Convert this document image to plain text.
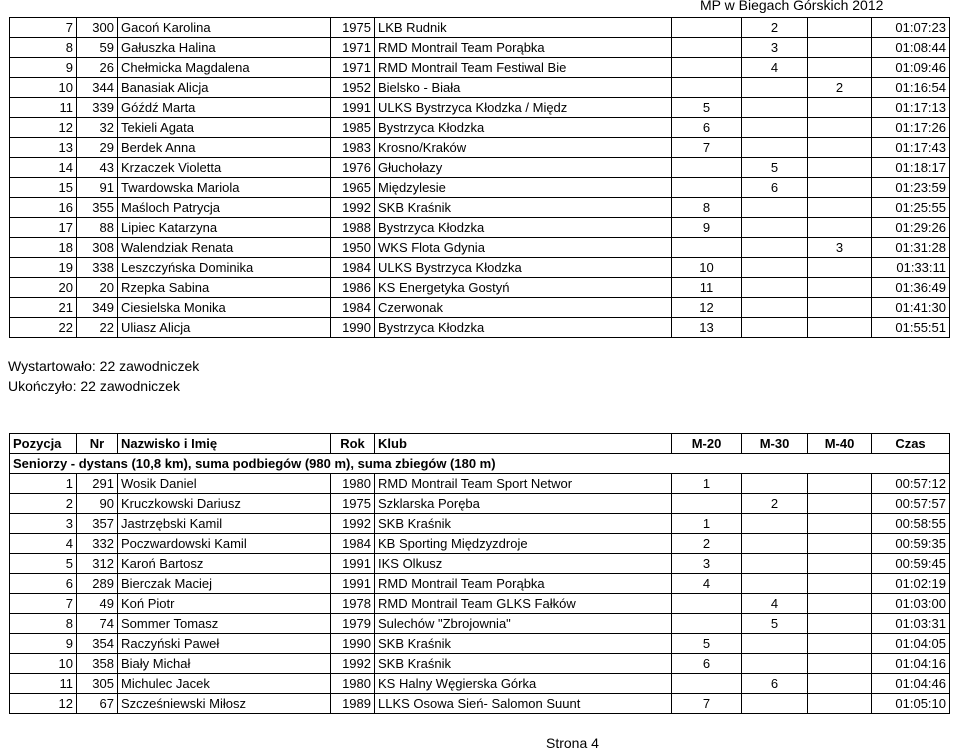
MP w Biegach Górskich 2012
7	300	Gacoń Karolina	1975	LKB Rudnik		2		01:07:23
8	59	Gałuszka Halina	1971	RMD Montrail Team Porąbka		3		01:08:44
9	26	Chełmicka Magdalena	1971	RMD Montrail Team Festiwal Bie		4		01:09:46
10	344	Banasiak Alicja	1952	Bielsko - Biała			2	01:16:54
11	339	Góźdź Marta	1991	ULKS Bystrzyca Kłodzka / Międz	5			01:17:13
12	32	Tekieli Agata	1985	Bystrzyca Kłodzka	6			01:17:26
13	29	Berdek Anna	1983	Krosno/Kraków	7			01:17:43
14	43	Krzaczek Violetta	1976	Głuchołazy		5		01:18:17
15	91	Twardowska Mariola	1965	Międzylesie		6		01:23:59
16	355	Maśloch Patrycja	1992	SKB Kraśnik	8			01:25:55
17	88	Lipiec Katarzyna	1988	Bystrzyca Kłodzka	9			01:29:26
18	308	Walendziak Renata	1950	WKS Flota Gdynia			3	01:31:28
19	338	Leszczyńska Dominika	1984	ULKS Bystrzyca Kłodzka	10			01:33:11
20	20	Rzepka Sabina	1986	KS Energetyka Gostyń	11			01:36:49
21	349	Ciesielska Monika	1984	Czerwonak	12			01:41:30
22	22	Uliasz Alicja	1990	Bystrzyca Kłodzka	13			01:55:51
Wystartowało: 22 zawodniczek
Ukończyło: 22 zawodniczek
Pozycja	Nr	Nazwisko i Imię	Rok	Klub	M-20	M-30	M-40	Czas
Seniorzy - dystans (10,8 km), suma podbiegów (980 m), suma zbiegów (180 m)								
1	291	Wosik Daniel	1980	RMD Montrail Team Sport Networ	1			00:57:12
2	90	Kruczkowski Dariusz	1975	Szklarska Poręba		2		00:57:57
3	357	Jastrzębski Kamil	1992	SKB Kraśnik	1			00:58:55
4	332	Poczwardowski Kamil	1984	KB Sporting Międzyzdroje	2			00:59:35
5	312	Karoń Bartosz	1991	IKS Olkusz	3			00:59:45
6	289	Bierczak Maciej	1991	RMD Montrail Team Porąbka	4			01:02:19
7	49	Koń Piotr	1978	RMD Montrail Team GLKS Fałków		4		01:03:00
8	74	Sommer Tomasz	1979	Sulechów "Zbrojownia"		5		01:03:31
9	354	Raczyński Paweł	1990	SKB Kraśnik	5			01:04:05
10	358	Biały Michał	1992	SKB Kraśnik	6			01:04:16
11	305	Michulec Jacek	1980	KS Halny Węgierska Górka		6		01:04:46
12	67	Szcześniewski Miłosz	1989	LLKS Osowa Sień- Salomon Suunt	7			01:05:10
Strona 4
